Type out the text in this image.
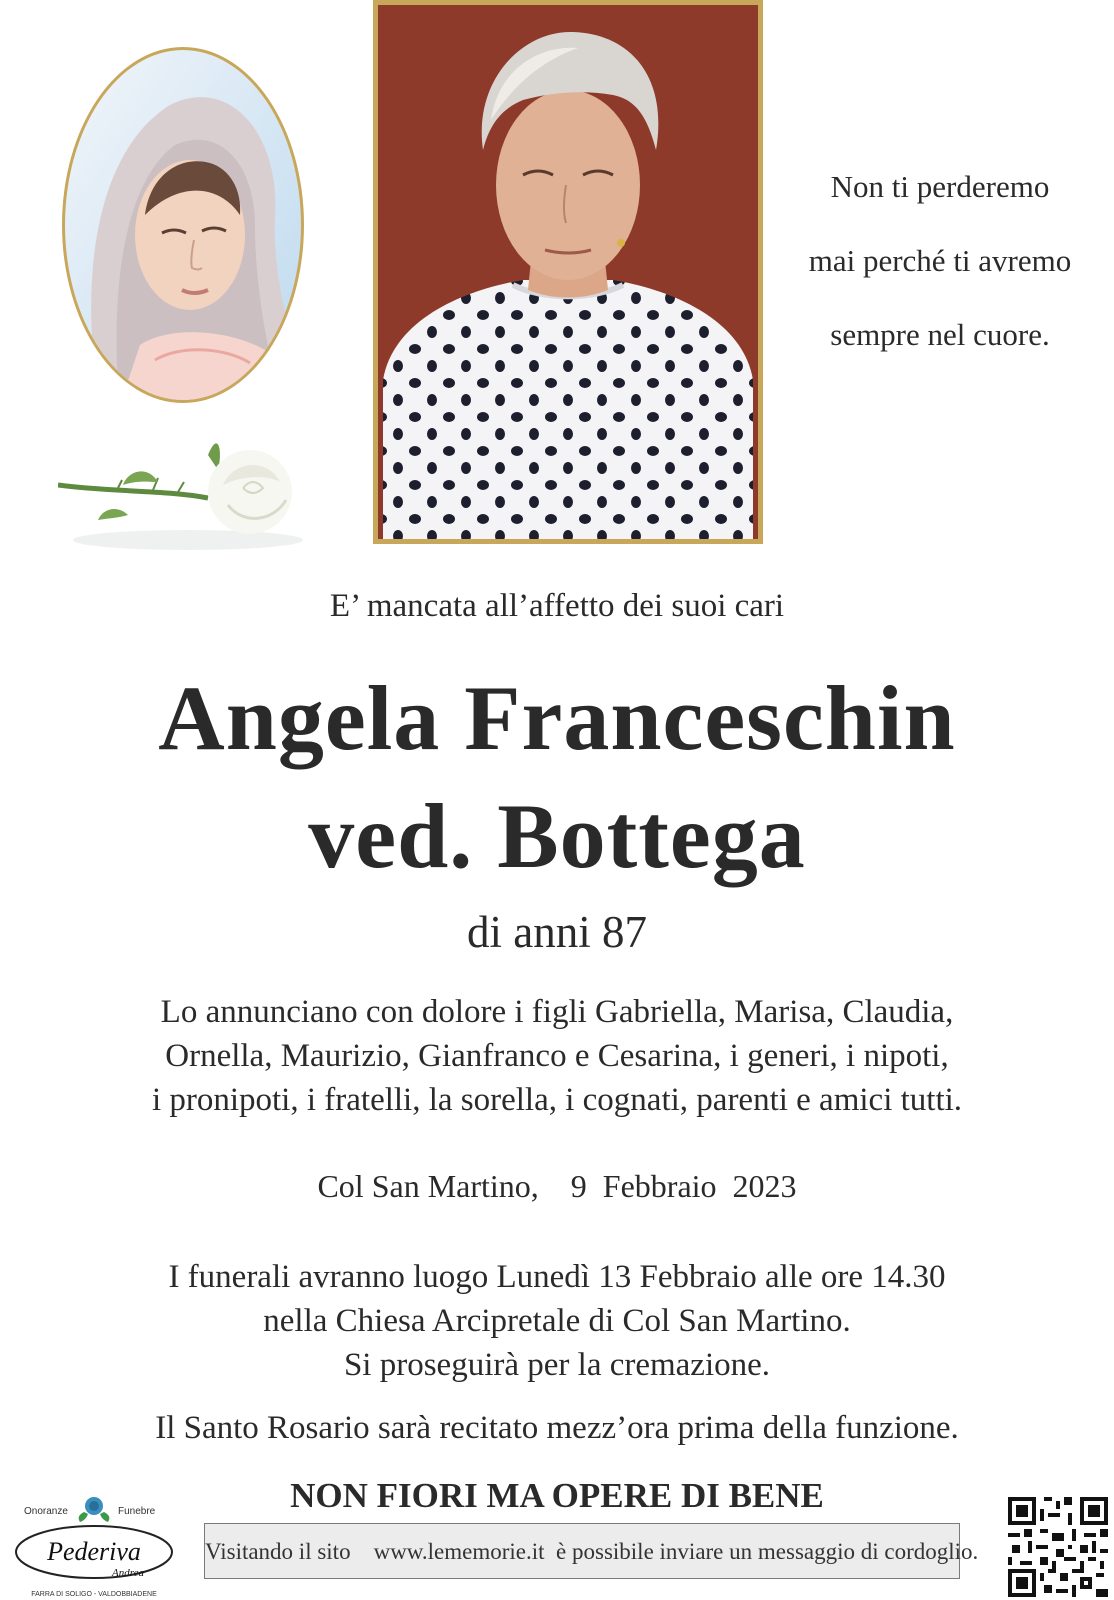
Non ti perderemo
mai perché ti avremo
sempre nel cuore.
E’ mancata all’affetto dei suoi cari
Angela Franceschin
ved. Bottega
di anni 87
Lo annunciano con dolore i figli Gabriella, Marisa, Claudia,
Ornella, Maurizio, Gianfranco e Cesarina, i generi, i nipoti,
i pronipoti, i fratelli, la sorella, i cognati, parenti e amici tutti.
Col San Martino, 9  Febbraio  2023
I funerali avranno luogo Lunedì 13 Febbraio alle ore 14.30
nella Chiesa Arcipretale di Col San Martino.
Si proseguirà per la cremazione.
Il Santo Rosario sarà recitato mezz’ora prima della funzione.
NON FIORI MA OPERE DI BENE
Visitando il sito www.lememorie.it è possibile inviare un messaggio di cordoglio.
Onoranze	Funebre
Pederiva
Andrea
FARRA DI SOLIGO - VALDOBBIADENE
